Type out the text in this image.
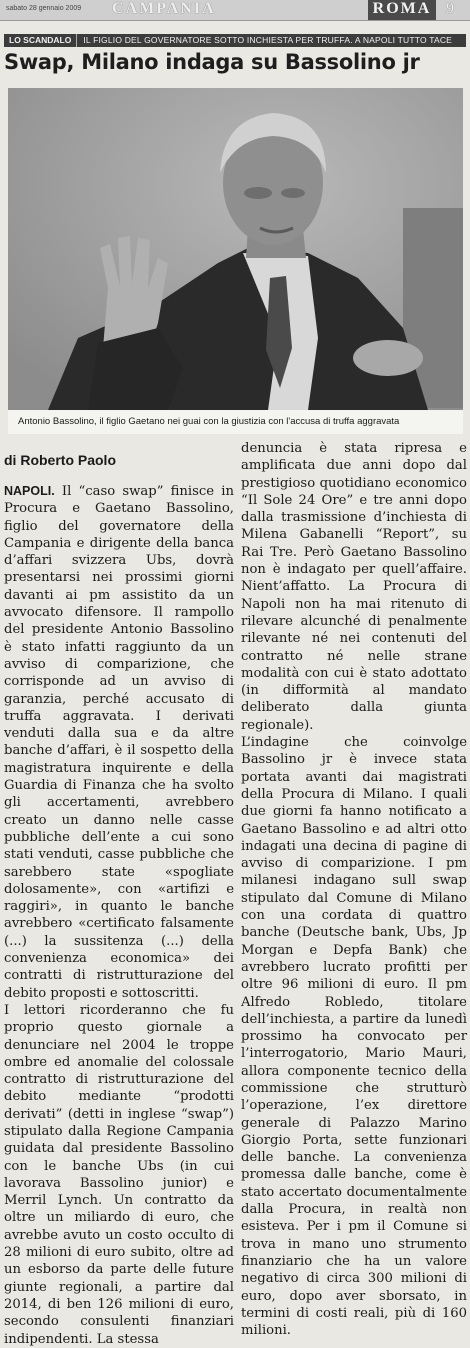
sabato 28 gennaio 2009 CAMPANIA	ROMA 9
LO SCANDALO IL FIGLIO DEL GOVERNATORE SOTTO INCHIESTA PER TRUFFA. A NAPOLI TUTTO TACE
Swap, Milano indaga su Bassolino jr
Antonio Bassolino, il figlio Gaetano nei guai con la giustizia con l'accusa di truffa aggravata
di Roberto Paolo

NAPOLI. Il “caso swap” finisce in Procura e Gaetano Bassolino, figlio del governatore della Campania e dirigente della banca d’affari svizzera Ubs, dovrà presentarsi nei prossimi giorni davanti ai pm assistito da un avvocato difensore. Il rampollo del presidente Antonio Bassolino è stato infatti raggiunto da un avviso di comparizione, che corrisponde ad un avviso di garanzia, perché accusato di truffa aggravata. I derivati venduti dalla sua e da altre banche d’affari, è il sospetto della magistratura inquirente e della Guardia di Finanza che ha svolto gli accertamenti, avrebbero creato un danno nelle casse pubbliche dell’ente a cui sono stati venduti, casse pubbliche che sarebbero state «spogliate dolosamente», con «artifizi e raggiri», in quanto le banche avrebbero «certificato falsamente (...) la sussitenza (...) della convenienza economica» dei contratti di ristrutturazione del debito proposti e sottoscritti.

I lettori ricorderanno che fu proprio questo giornale a denunciare nel 2004 le troppe ombre ed anomalie del colossale contratto di ristrutturazione del debito mediante “prodotti derivati” (detti in inglese “swap”) stipulato dalla Regione Campania guidata dal presidente Bassolino con le banche Ubs (in cui lavorava Bassolino junior) e Merril Lynch. Un contratto da oltre un miliardo di euro, che avrebbe avuto un costo occulto di 28 milioni di euro subito, oltre ad un esborso da parte delle future giunte regionali, a partire dal 2014, di ben 126 milioni di euro, secondo consulenti finanziari indipendenti. La stessa

denuncia è stata ripresa e amplificata due anni dopo dal prestigioso quotidiano economico “Il Sole 24 Ore” e tre anni dopo dalla trasmissione d’inchiesta di Milena Gabanelli “Report”, su Rai Tre. Però Gaetano Bassolino non è indagato per quell’affaire. Nient’affatto. La Procura di Napoli non ha mai ritenuto di rilevare alcunché di penalmente rilevante né nei contenuti del contratto né nelle strane modalità con cui è stato adottato (in difformità al mandato deliberato dalla giunta regionale).

L’indagine che coinvolge Bassolino jr è invece stata portata avanti dai magistrati della Procura di Milano. I quali due giorni fa hanno notificato a Gaetano Bassolino e ad altri otto indagati una decina di pagine di avviso di comparizione. I pm milanesi indagano sull swap stipulato dal Comune di Milano con una cordata di quattro banche (Deutsche bank, Ubs, Jp Morgan e Depfa Bank) che avrebbero lucrato profitti per oltre 96 milioni di euro. Il pm Alfredo Robledo, titolare dell’inchiesta, a partire da lunedì prossimo ha convocato per l’interrogatorio, Mario Mauri, allora componente tecnico della commissione che strutturò l’operazione, l’ex direttore generale di Palazzo Marino Giorgio Porta, sette funzionari delle banche. La convenienza promessa dalle banche, come è stato accertato documentalmente dalla Procura, in realtà non esisteva. Per i pm il Comune si trova in mano uno strumento finanziario che ha un valore negativo di circa 300 milioni di euro, dopo aver sborsato, in termini di costi reali, più di 160 milioni.
